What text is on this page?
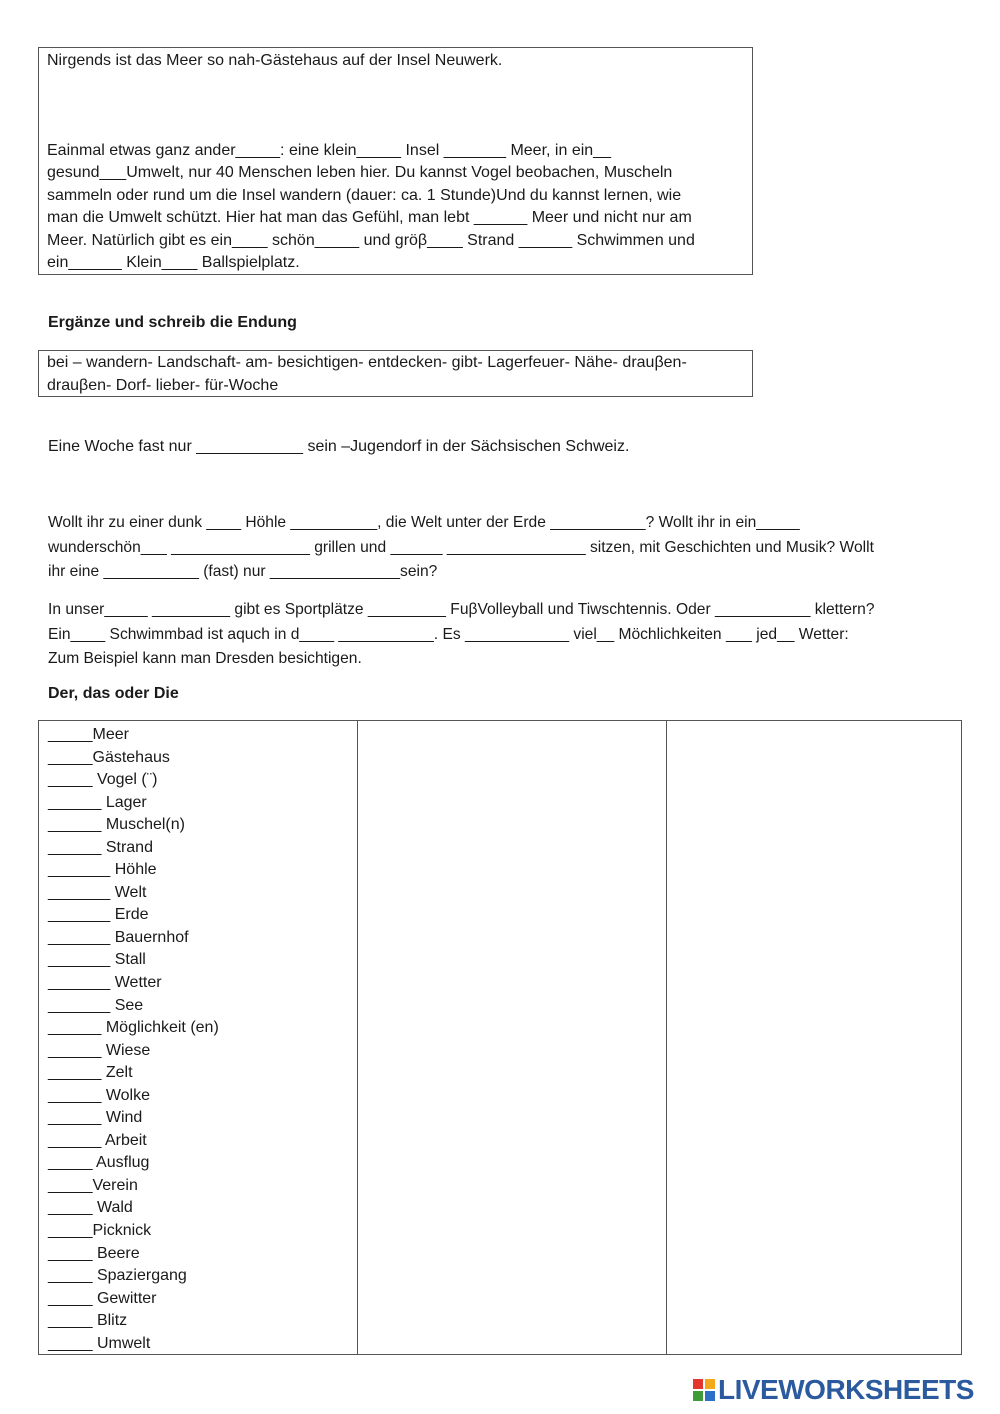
Nirgends ist das Meer so nah-Gästehaus auf der Insel Neuwerk.
Eainmal etwas ganz ander_____: eine klein_____ Insel _______ Meer, in ein__
gesund___Umwelt, nur 40 Menschen leben hier. Du kannst Vogel beobachen, Muscheln
sammeln oder rund um die Insel wandern (dauer: ca. 1 Stunde)Und du kannst lernen, wie
man die Umwelt schützt. Hier hat man das Gefühl, man lebt ______ Meer und nicht nur am
Meer. Natürlich gibt es ein____ schön_____ und gröβ____ Strand ______ Schwimmen und
ein______ Klein____ Ballspielplatz.
Ergänze und schreib die Endung
bei – wandern- Landschaft- am- besichtigen- entdecken- gibt- Lagerfeuer- Nähe- drauβen-
drauβen- Dorf- lieber- für-Woche
Eine Woche fast nur ____________ sein –Jugendorf in der Sächsischen Schweiz.
Wollt ihr zu einer dunk ____ Höhle __________, die Welt unter der Erde ___________? Wollt ihr in ein_____
wunderschön___ ________________ grillen und ______ ________________ sitzen, mit Geschichten und Musik? Wollt
ihr eine ___________ (fast) nur _______________sein?
In unser_____ _________ gibt es Sportplätze _________ FuβVolleyball und Tiwschtennis. Oder ___________ klettern?
Ein____ Schwimmbad ist aquch in d____ ___________. Es ____________ viel__ Möchlichkeiten ___ jed__ Wetter:
Zum Beispiel kann man Dresden besichtigen.
Der, das oder Die
_____Meer
_____Gästehaus
_____ Vogel (¨)
______ Lager
______ Muschel(n)
______ Strand
_______ Höhle
_______ Welt
_______ Erde
_______ Bauernhof
_______ Stall
_______ Wetter
_______ See
______ Möglichkeit (en)
______ Wiese
______ Zelt
______ Wolke
______ Wind
______ Arbeit
_____ Ausflug
_____Verein
_____ Wald
_____Picknick
_____ Beere
_____ Spaziergang
_____ Gewitter
_____ Blitz
_____ Umwelt
LIVEWORKSHEETS
